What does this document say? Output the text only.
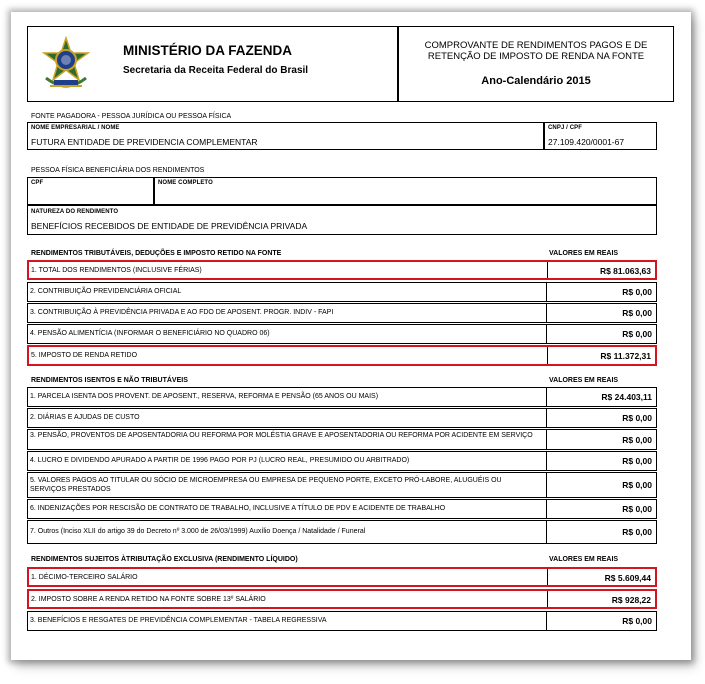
MINISTÉRIO DA FAZENDA
Secretaria da Receita Federal do Brasil
COMPROVANTE DE RENDIMENTOS PAGOS E DE
RETENÇÃO DE IMPOSTO DE RENDA NA FONTE
Ano-Calendário 2015
FONTE PAGADORA - PESSOA JURÍDICA OU PESSOA FÍSICA
NOME EMPRESARIAL / NOME
FUTURA ENTIDADE DE PREVIDENCIA COMPLEMENTAR
CNPJ / CPF
27.109.420/0001-67
PESSOA FÍSICA BENEFICIÁRIA DOS RENDIMENTOS
CPF	NOME COMPLETO
NATUREZA DO RENDIMENTO
BENEFÍCIOS RECEBIDOS DE ENTIDADE DE PREVIDÊNCIA PRIVADA
RENDIMENTOS TRIBUTÁVEIS, DEDUÇÕES E IMPOSTO RETIDO NA FONTE	VALORES EM REAIS
1. TOTAL DOS RENDIMENTOS (INCLUSIVE FÉRIAS)	R$ 81.063,63
2. CONTRIBUIÇÃO PREVIDENCIÁRIA OFICIAL	R$ 0,00
3. CONTRIBUIÇÃO À PREVIDÊNCIA PRIVADA E AO FDO DE APOSENT. PROGR. INDIV - FAPI	R$ 0,00
4. PENSÃO ALIMENTÍCIA (INFORMAR O BENEFICIÁRIO NO QUADRO 06)	R$ 0,00
5. IMPOSTO DE RENDA RETIDO	R$ 11.372,31
RENDIMENTOS ISENTOS E NÃO TRIBUTÁVEIS	VALORES EM REAIS
1. PARCELA ISENTA DOS PROVENT. DE APOSENT., RESERVA, REFORMA E PENSÃO (65 ANOS OU MAIS)	R$ 24.403,11
2. DIÁRIAS E AJUDAS DE CUSTO	R$ 0,00
3. PENSÃO, PROVENTOS DE APOSENTADORIA OU REFORMA POR MOLÉSTIA GRAVE E APOSENTADORIA OU REFORMA POR ACIDENTE EM SERVIÇO	R$ 0,00
4. LUCRO E DIVIDENDO APURADO A PARTIR DE 1996 PAGO POR PJ (LUCRO REAL, PRESUMIDO OU ARBITRADO)	R$ 0,00
5. VALORES PAGOS AO TITULAR OU SÓCIO DE MICROEMPRESA OU EMPRESA DE PEQUENO PORTE, EXCETO PRÓ-LABORE, ALUGUÉIS OU SERVIÇOS PRESTADOS	R$ 0,00
6. INDENIZAÇÕES POR RESCISÃO DE CONTRATO DE TRABALHO, INCLUSIVE A TÍTULO DE PDV E ACIDENTE DE TRABALHO	R$ 0,00
7. Outros (Inciso XLII do artigo 39 do Decreto nº 3.000 de 26/03/1999) Auxílio Doença / Natalidade / Funeral	R$ 0,00
RENDIMENTOS SUJEITOS ÀTRIBUTAÇÃO EXCLUSIVA (RENDIMENTO LÍQUIDO)	VALORES EM REAIS
1. DÉCIMO-TERCEIRO SALÁRIO	R$ 5.609,44
2. IMPOSTO SOBRE A RENDA RETIDO NA FONTE SOBRE 13º SALÁRIO	R$ 928,22
3. BENEFÍCIOS E RESGATES DE PREVIDÊNCIA COMPLEMENTAR - TABELA REGRESSIVA	R$ 0,00
